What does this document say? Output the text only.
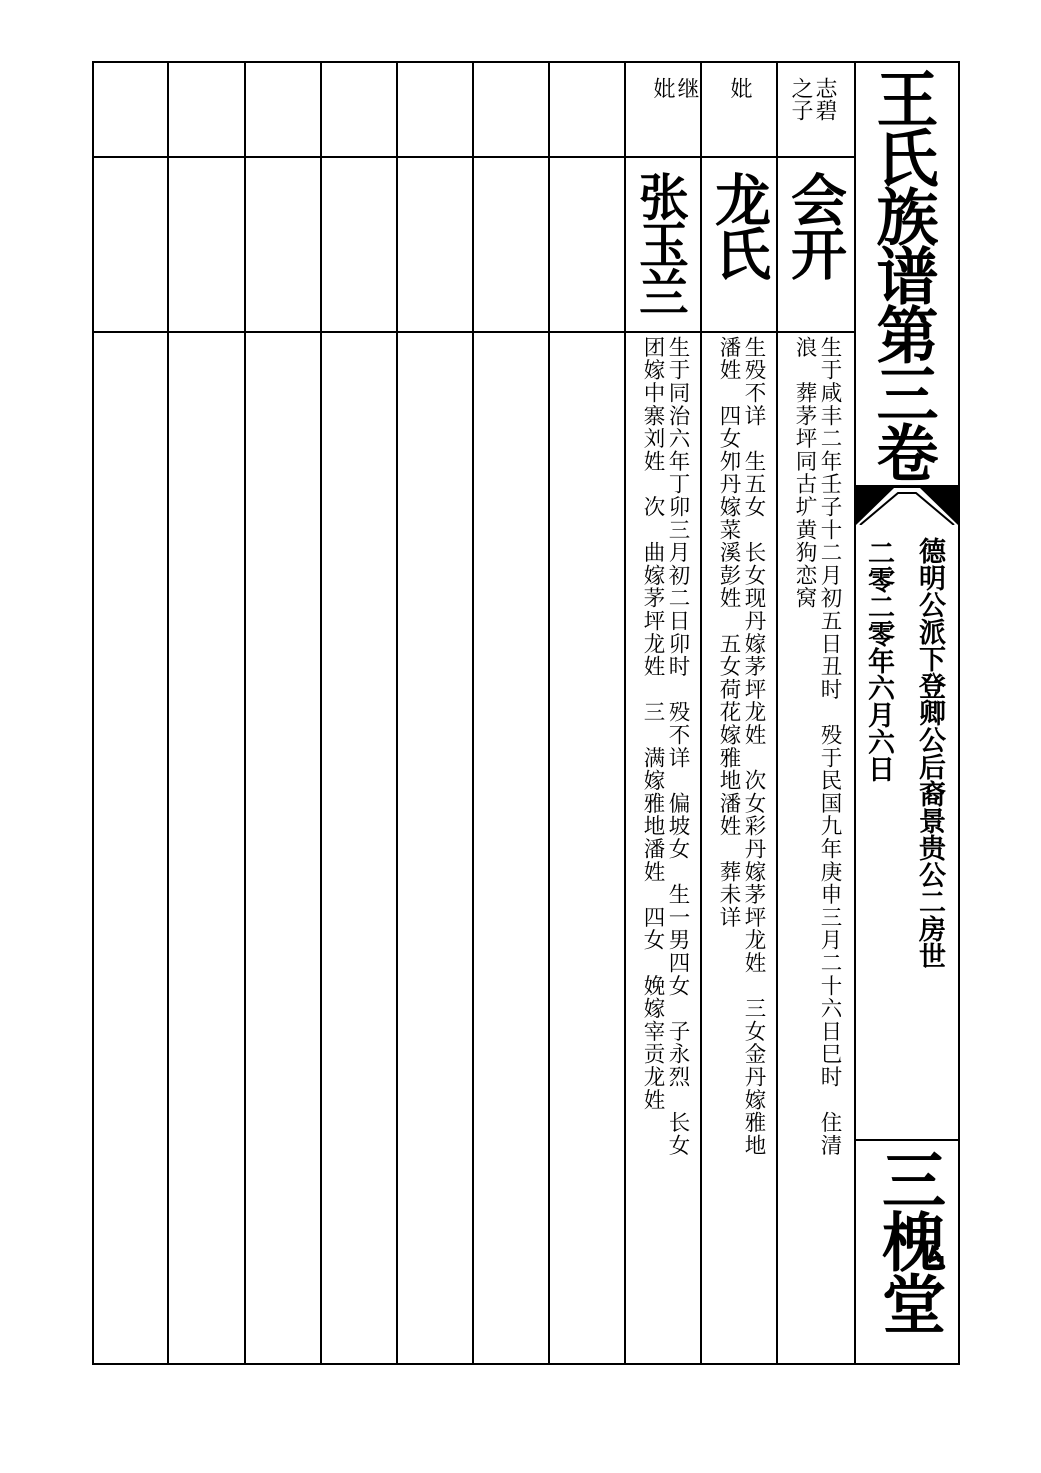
王氏族谱第三卷
德明公派下登卿公后裔景贵公二房世
二零二零年六月六日
三槐堂
志碧
之子
会开
生于咸丰二年壬子十二月初五日丑时　殁于民国九年庚申三月二十六日巳时　住清
浪　葬茅坪同古圹黄狗恋窝
妣
龙氏
生殁不详　生五女　长女现丹嫁茅坪龙姓　次女彩丹嫁茅坪龙姓　三女金丹嫁雅地
潘姓　四女夘丹嫁菜溪彭姓　五女荷花嫁雅地潘姓　葬未详
继
妣
张玉兰
生于同治六年丁卯三月初二日卯时　殁不详　偏坡女　生一男四女　子永烈　长女
团嫁中寨刘姓　次　曲嫁茅坪龙姓　三　满嫁雅地潘姓　四女　娩嫁宰贡龙姓
